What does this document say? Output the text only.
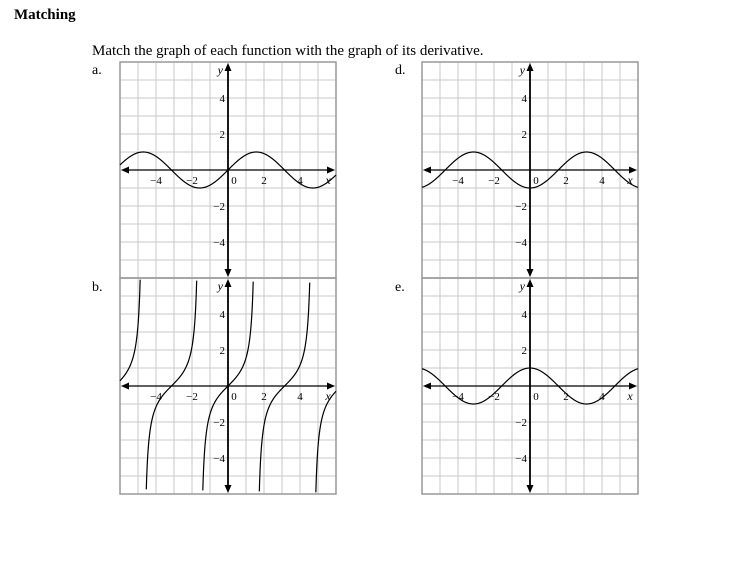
Matching
Match the graph of each function with the graph of its derivative.
a.
−4 −2	0 2	4
4
2
−2
−4
x
y	d.
−4 −2	0 2	4
4
2
−2
−4
x
y
b.
−4 −2	0 2	4
4
2
−2
−4
x
y	e.
−4 −2	0 2	4
4
2
−2
−4
x
y
